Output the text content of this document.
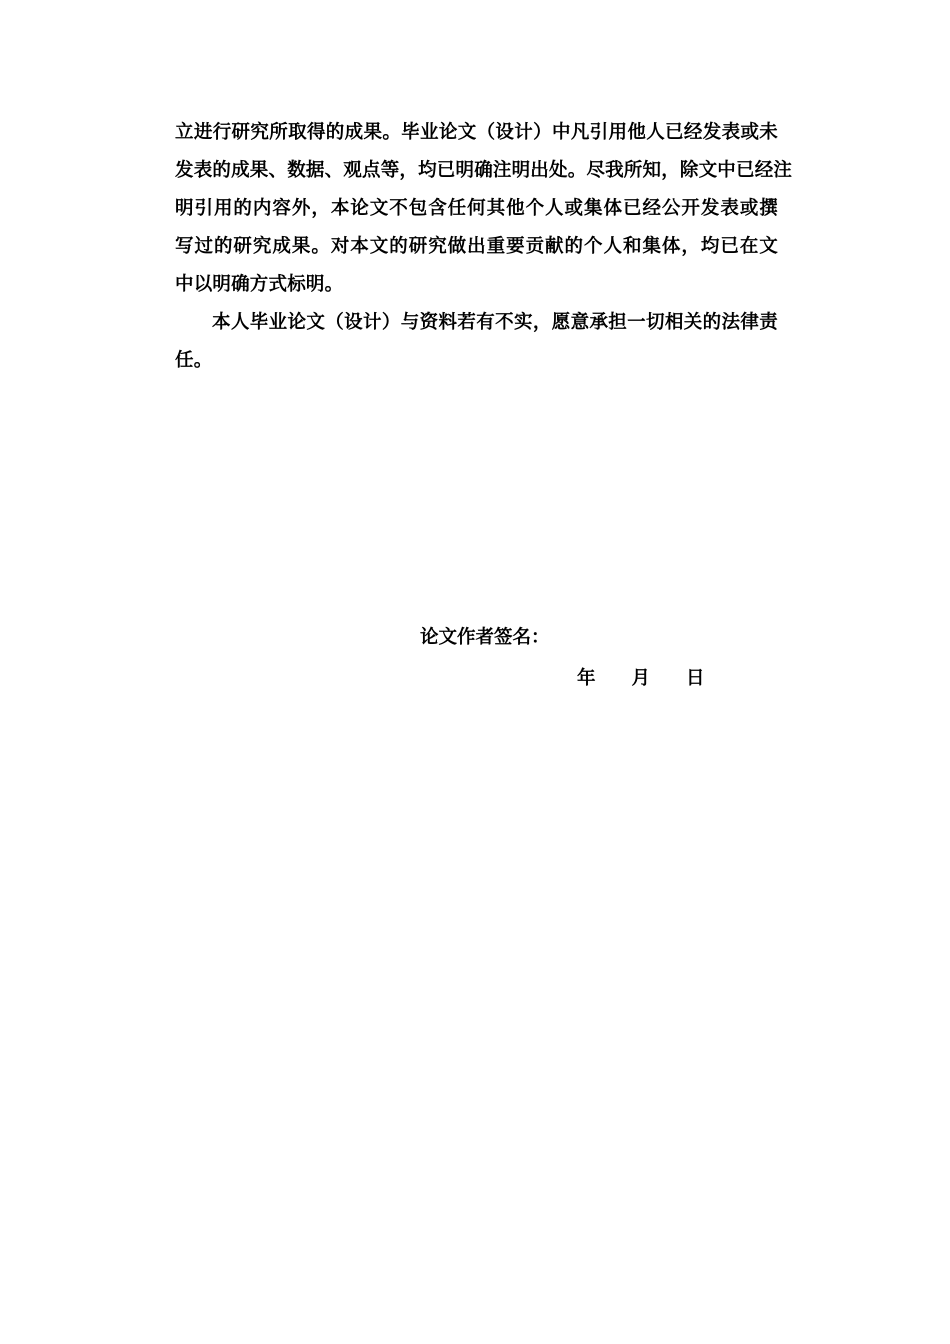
立进行研究所取得的成果。毕业论文（设计）中凡引用他人已经发表或未
发表的成果、数据、观点等，均已明确注明出处。尽我所知，除文中已经注
明引用的内容外，本论文不包含任何其他个人或集体已经公开发表或撰
写过的研究成果。对本文的研究做出重要贡献的个人和集体，均已在文
中以明确方式标明。
本人毕业论文（设计）与资料若有不实，愿意承担一切相关的法律责
任。
论文作者签名：
年 月 日
